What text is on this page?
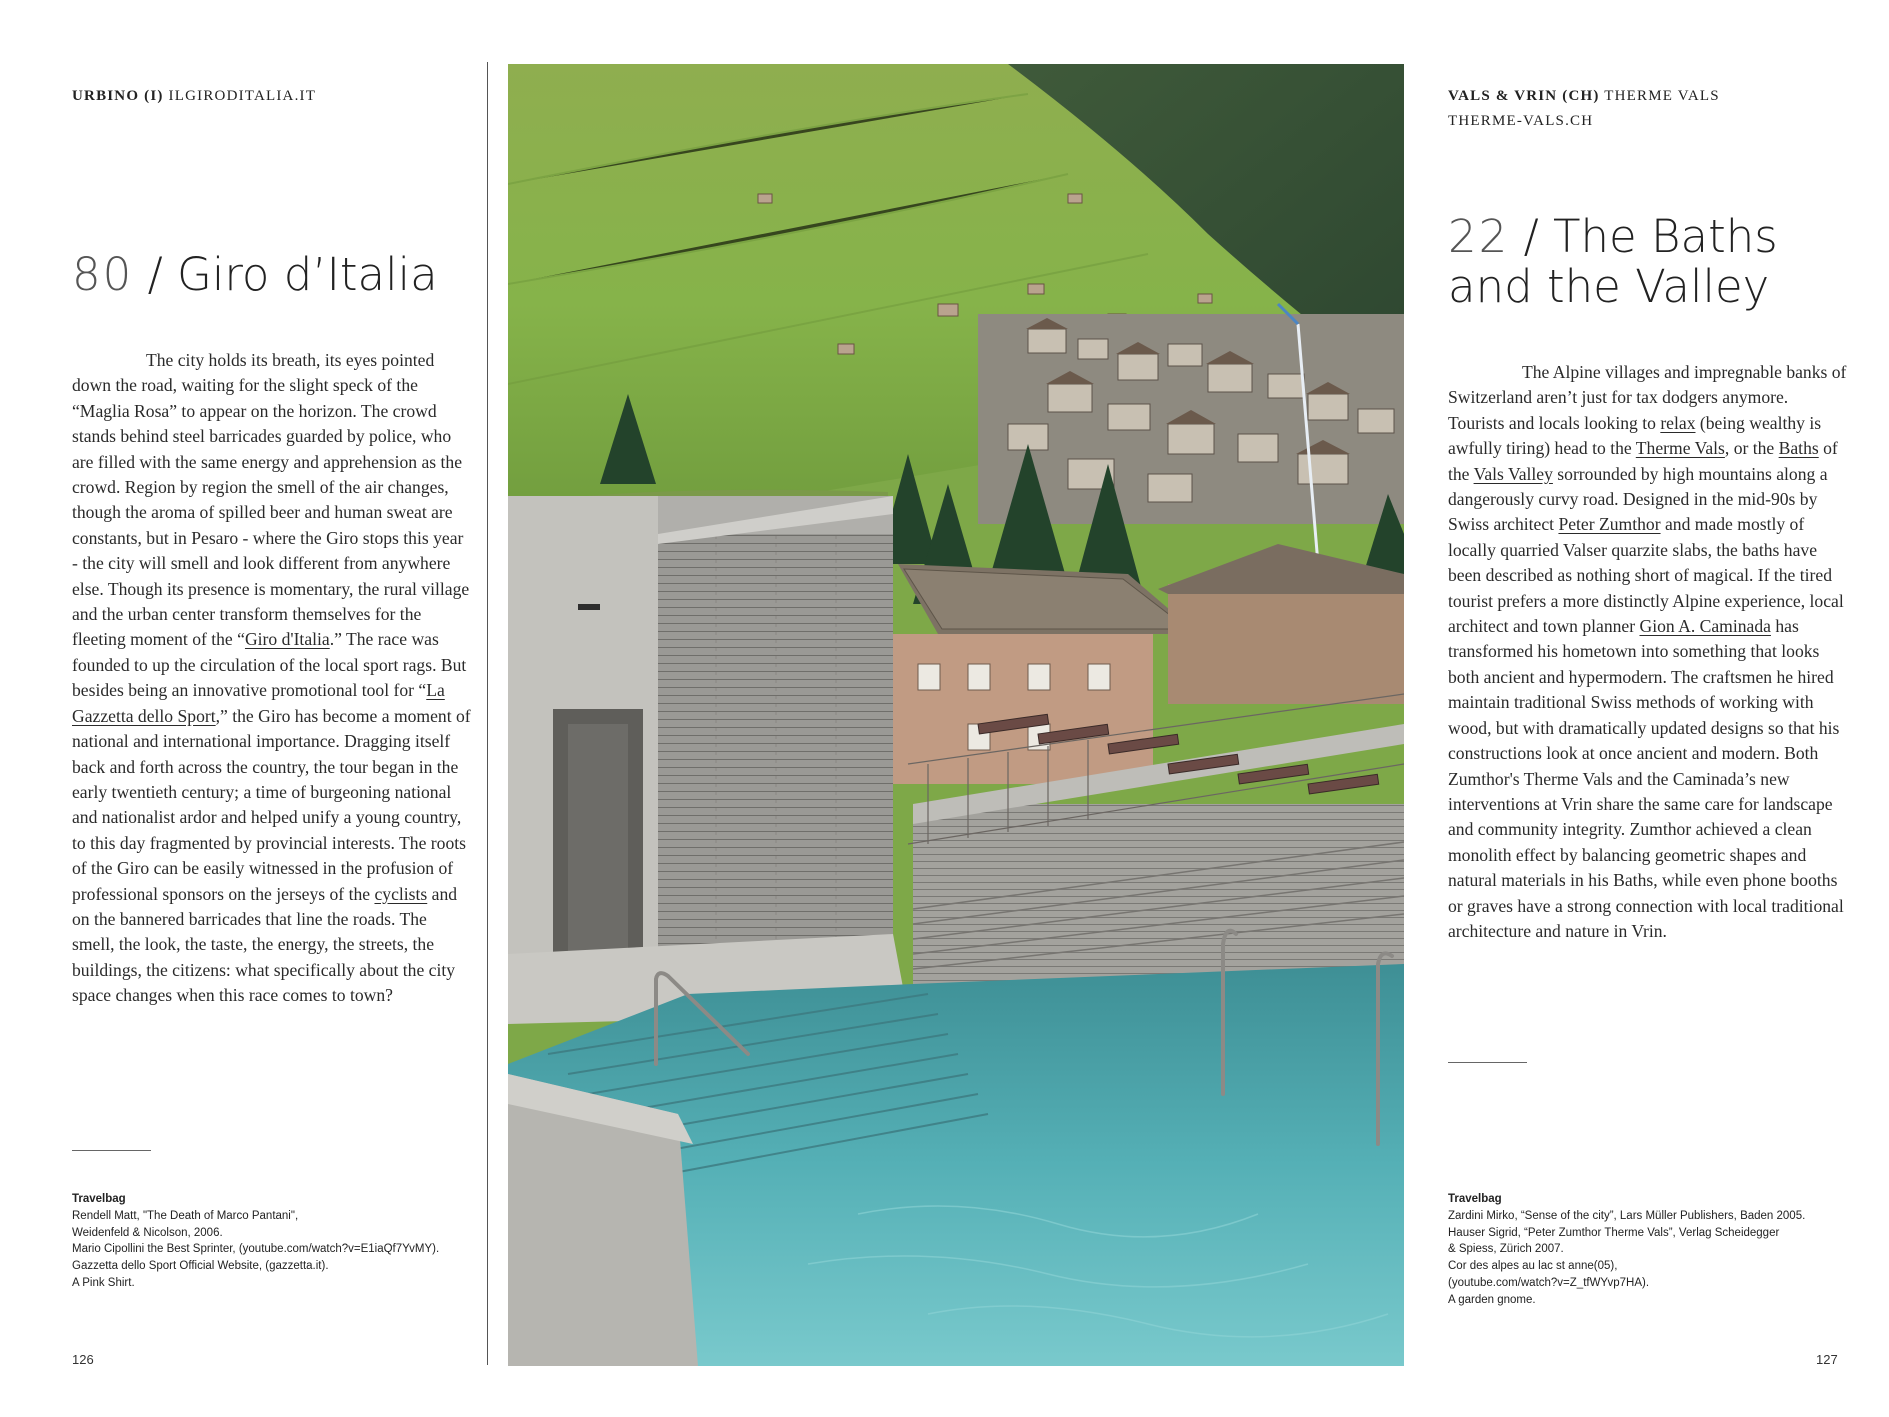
URBINO (I) ILGIRODITALIA.IT
80 / Giro d’Italia

The city holds its breath, its eyes pointed down the road, waiting for the slight speck of the “Maglia Rosa” to appear on the horizon. The crowd stands behind steel barricades guarded by police, who are filled with the same energy and apprehension as the crowd. Region by region the smell of the air changes, though the aroma of spilled beer and human sweat are constants, but in Pesaro - where the Giro stops this year - the city will smell and look different from anywhere else. Though its presence is momentary, the rural village and the urban center transform themselves for the fleeting moment of the “Giro d'Italia.” The race was founded to up the circulation of the local sport rags. But besides being an innovative promotional tool for “La Gazzetta dello Sport,” the Giro has become a moment of national and international importance. Dragging itself back and forth across the country, the tour began in the early twentieth century; a time of burgeoning national and nationalist ardor and helped unify a young country, to this day fragmented by provincial interests. The roots of the Giro can be easily witnessed in the profusion of professional sponsors on the jerseys of the cyclists and on the bannered barricades that line the roads. The smell, the look, the taste, the energy, the streets, the buildings, the citizens: what specifically about the city space changes when this race comes to town?

Travelbag
Rendell Matt, "The Death of Marco Pantani",
Weidenfeld & Nicolson, 2006.
Mario Cipollini the Best Sprinter, (youtube.com/watch?v=E1iaQf7YvMY).
Gazzetta dello Sport Official Website, (gazzetta.it).
A Pink Shirt.
126
VALS & VRIN (CH) THERME VALS
THERME-VALS.CH
22 / The Baths
and the Valley

The Alpine villages and impregnable banks of Switzerland aren’t just for tax dodgers anymore. Tourists and locals looking to relax (being wealthy is awfully tiring) head to the Therme Vals, or the Baths of the Vals Valley sorrounded by high mountains along a dangerously curvy road. Designed in the mid-90s by Swiss architect Peter Zumthor and made mostly of locally quarried Valser quarzite slabs, the baths have been described as nothing short of magical. If the tired tourist prefers a more distinctly Alpine experience, local architect and town planner Gion A. Caminada has transformed his hometown into something that looks both ancient and hypermodern. The craftsmen he hired maintain traditional Swiss methods of working with wood, but with dramatically updated designs so that his constructions look at once ancient and modern. Both Zumthor's Therme Vals and the Caminada’s new interventions at Vrin share the same care for landscape and community integrity. Zumthor achieved a clean monolith effect by balancing geometric shapes and natural materials in his Baths, while even phone booths or graves have a strong connection with local traditional architecture and nature in Vrin.

Travelbag
Zardini Mirko, “Sense of the city”, Lars Müller Publishers, Baden 2005.
Hauser Sigrid, “Peter Zumthor Therme Vals”, Verlag Scheidegger
& Spiess, Zürich 2007.
Cor des alpes au lac st anne(05),
(youtube.com/watch?v=Z_tfWYvp7HA).
A garden gnome.
127
